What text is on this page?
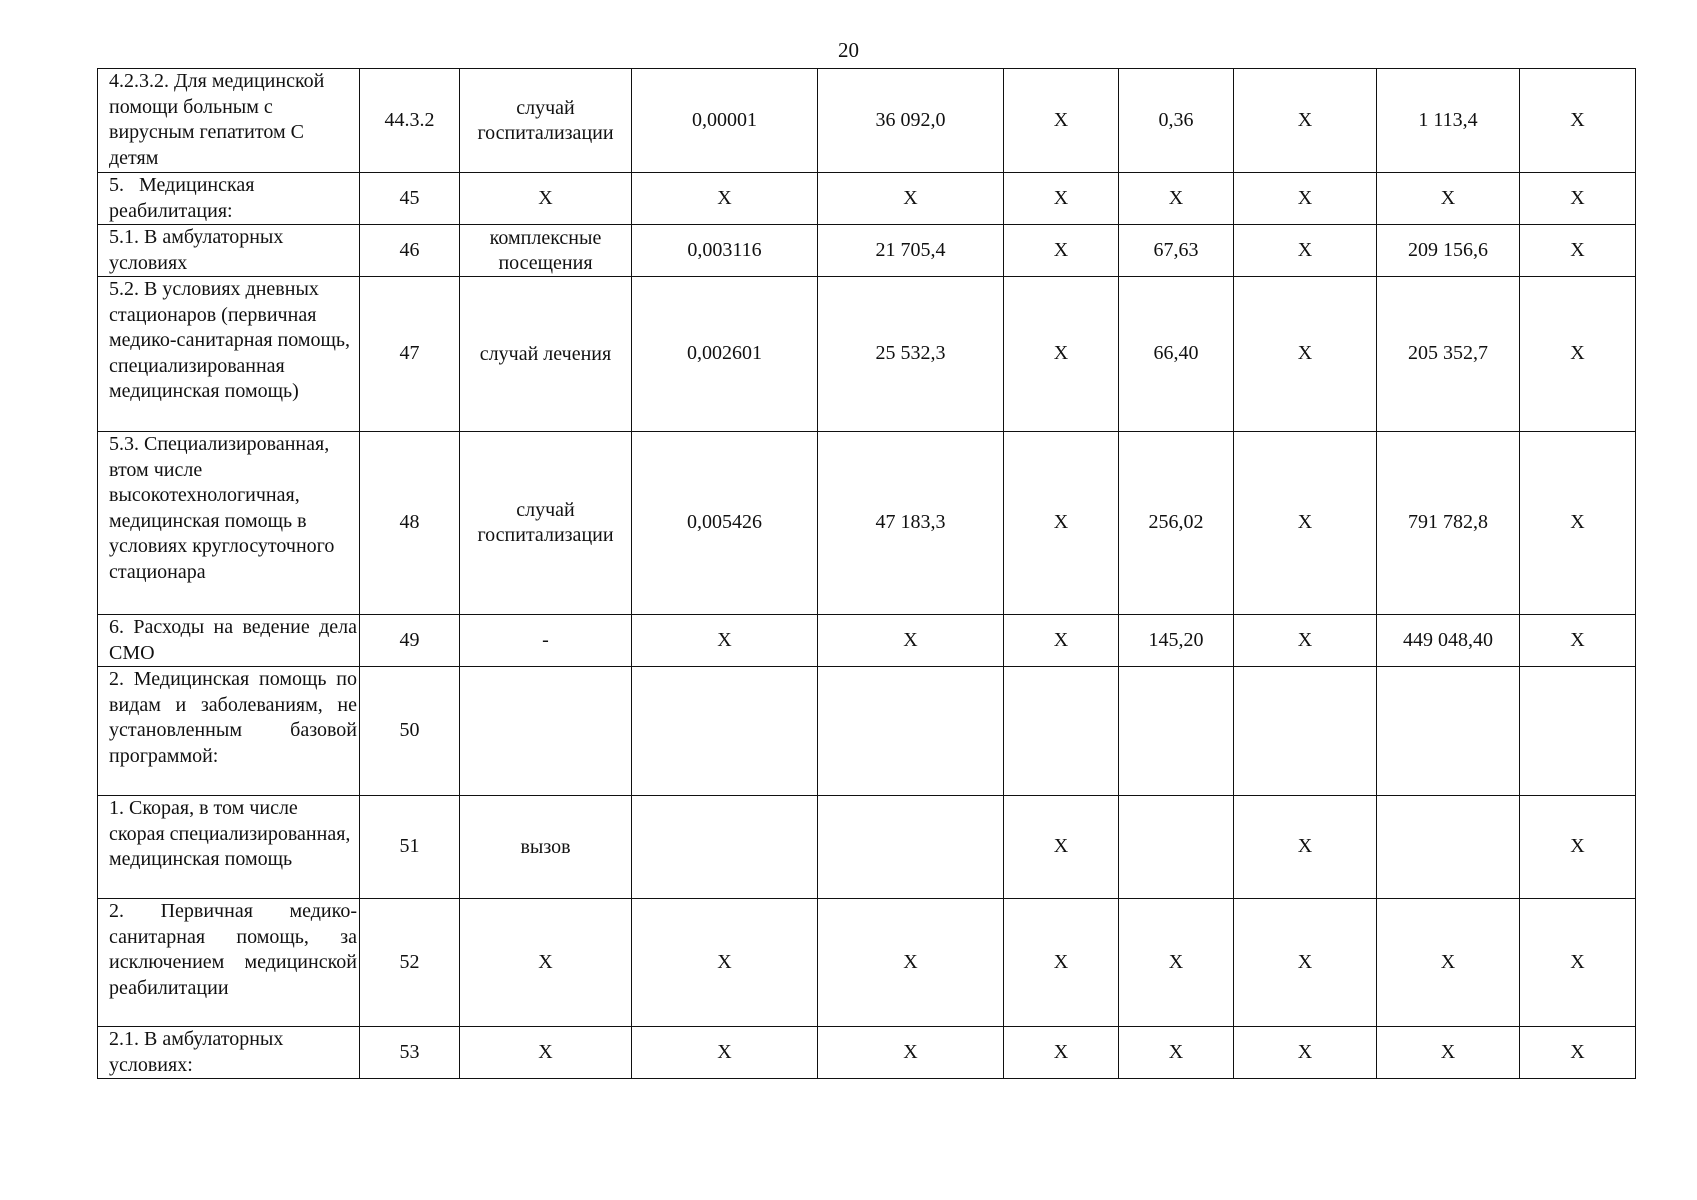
20
4.2.3.2. Для медицинской помощи больным с вирусным гепатитом С детям	44.3.2	случай госпитализации	0,00001	36 092,0	X	0,36	X	1 113,4	X
5.   Медицинская реабилитация:	45	X	X	X	X	X	X	X	X
5.1. В амбулаторных условиях	46	комплексные посещения	0,003116	21 705,4	X	67,63	X	209 156,6	X
5.2. В условиях дневных стационаров (первичная медико-санитарная помощь, специализированная медицинская помощь)	47	случай лечения	0,002601	25 532,3	X	66,40	X	205 352,7	X
5.3. Специализированная, втом числе высокотехнологичная, медицинская помощь в условиях круглосуточного стационара	48	случай госпитализации	0,005426	47 183,3	X	256,02	X	791 782,8	X
6. Расходы на ведение дела СМО	49	-	X	X	X	145,20	X	449 048,40	X
2. Медицинская помощь по видам и заболеваниям, не установленным базовой программой:	50								
1. Скорая, в том числе скорая специализированная, медицинская помощь	51	вызов			X		X		X
2. Первичная медико-санитарная помощь, за исключением медицинской реабилитации	52	X	X	X	X	X	X	X	X
2.1. В амбулаторных условиях:	53	X	X	X	X	X	X	X	X
